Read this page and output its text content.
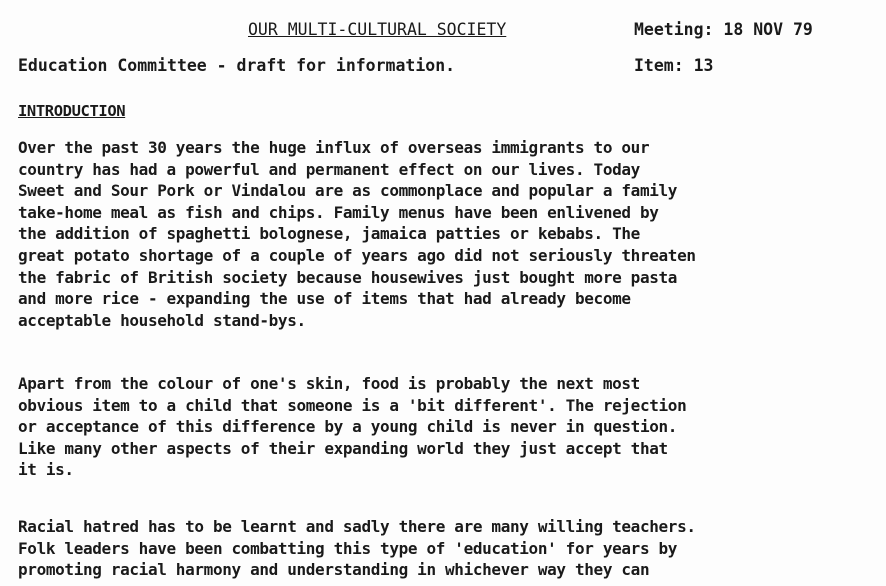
OUR MULTI-CULTURAL SOCIETY	Meeting: 18 NOV 79
Education Committee - draft for information.	Item: 13
INTRODUCTION
Over the past 30 years the huge influx of overseas immigrants to our
country has had a powerful and permanent effect on our lives. Today
Sweet and Sour Pork or Vindalou are as commonplace and popular a family
take-home meal as fish and chips. Family menus have been enlivened by
the addition of spaghetti bolognese, jamaica patties or kebabs. The
great potato shortage of a couple of years ago did not seriously threaten
the fabric of British society because housewives just bought more pasta
and more rice - expanding the use of items that had already become
acceptable household stand-bys.
Apart from the colour of one's skin, food is probably the next most
obvious item to a child that someone is a 'bit different'. The rejection
or acceptance of this difference by a young child is never in question.
Like many other aspects of their expanding world they just accept that
it is.
Racial hatred has to be learnt and sadly there are many willing teachers.
Folk leaders have been combatting this type of 'education' for years by
promoting racial harmony and understanding in whichever way they can
